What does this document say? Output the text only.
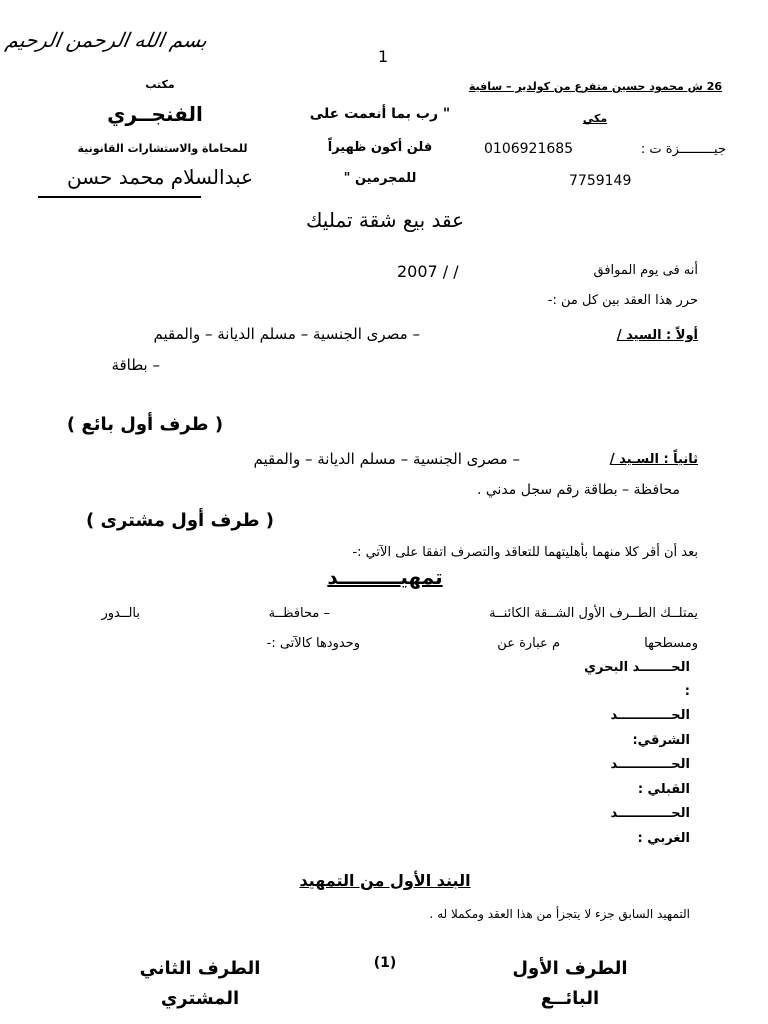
بسم الله الرحمن الرحيم
1
مكتب
الفنجــري
للمحاماة والاستشارات القانونية
عبدالسلام محمد حسن
" رب بما أنعمت على
فلن أكون ظهيراً
للمجرمين "
26 ش محمود حسين متفرع من كولدير – سافية
مكي
جيـــــــــزة ت :
0106921685
7759149
عقد بيع شقة تمليك
أنه فى يوم الموافق
2007 / /
حرر هذا العقد بين كل من :-
أولاً : السيد /
– مصرى الجنسية – مسلم الديانة – والمقيم
– بطاقة
( طرف أول بائع )
ثانياً : السـيد /
– مصرى الجنسية – مسلم الديانة – والمقيم
محافظة – بطاقة رقم سجل مدني .
( طرف أول مشترى )
بعد أن أقر كلا منهما بأهليتهما للتعاقد والتصرف اتفقا على الآتي :-
تمهيـــــــــد
يمتلــك الطــرف الأول الشــقة الكائنــة
– محافظــة
بالــدور
ومسطحها
م عبارة عن
وحدودها كالآتى :-
الحـــــــد البحري
:
الحــــــــــــد
الشرقي:
الحــــــــــــد
القبلي :
الحــــــــــــد
الغربي :
البند الأول من التمهيد
التمهيد السابق جزء لا يتجزأ من هذا العقد ومكملا له .
(1)	الطرف الأول
البائــع
الطرف الثاني
المشتري
